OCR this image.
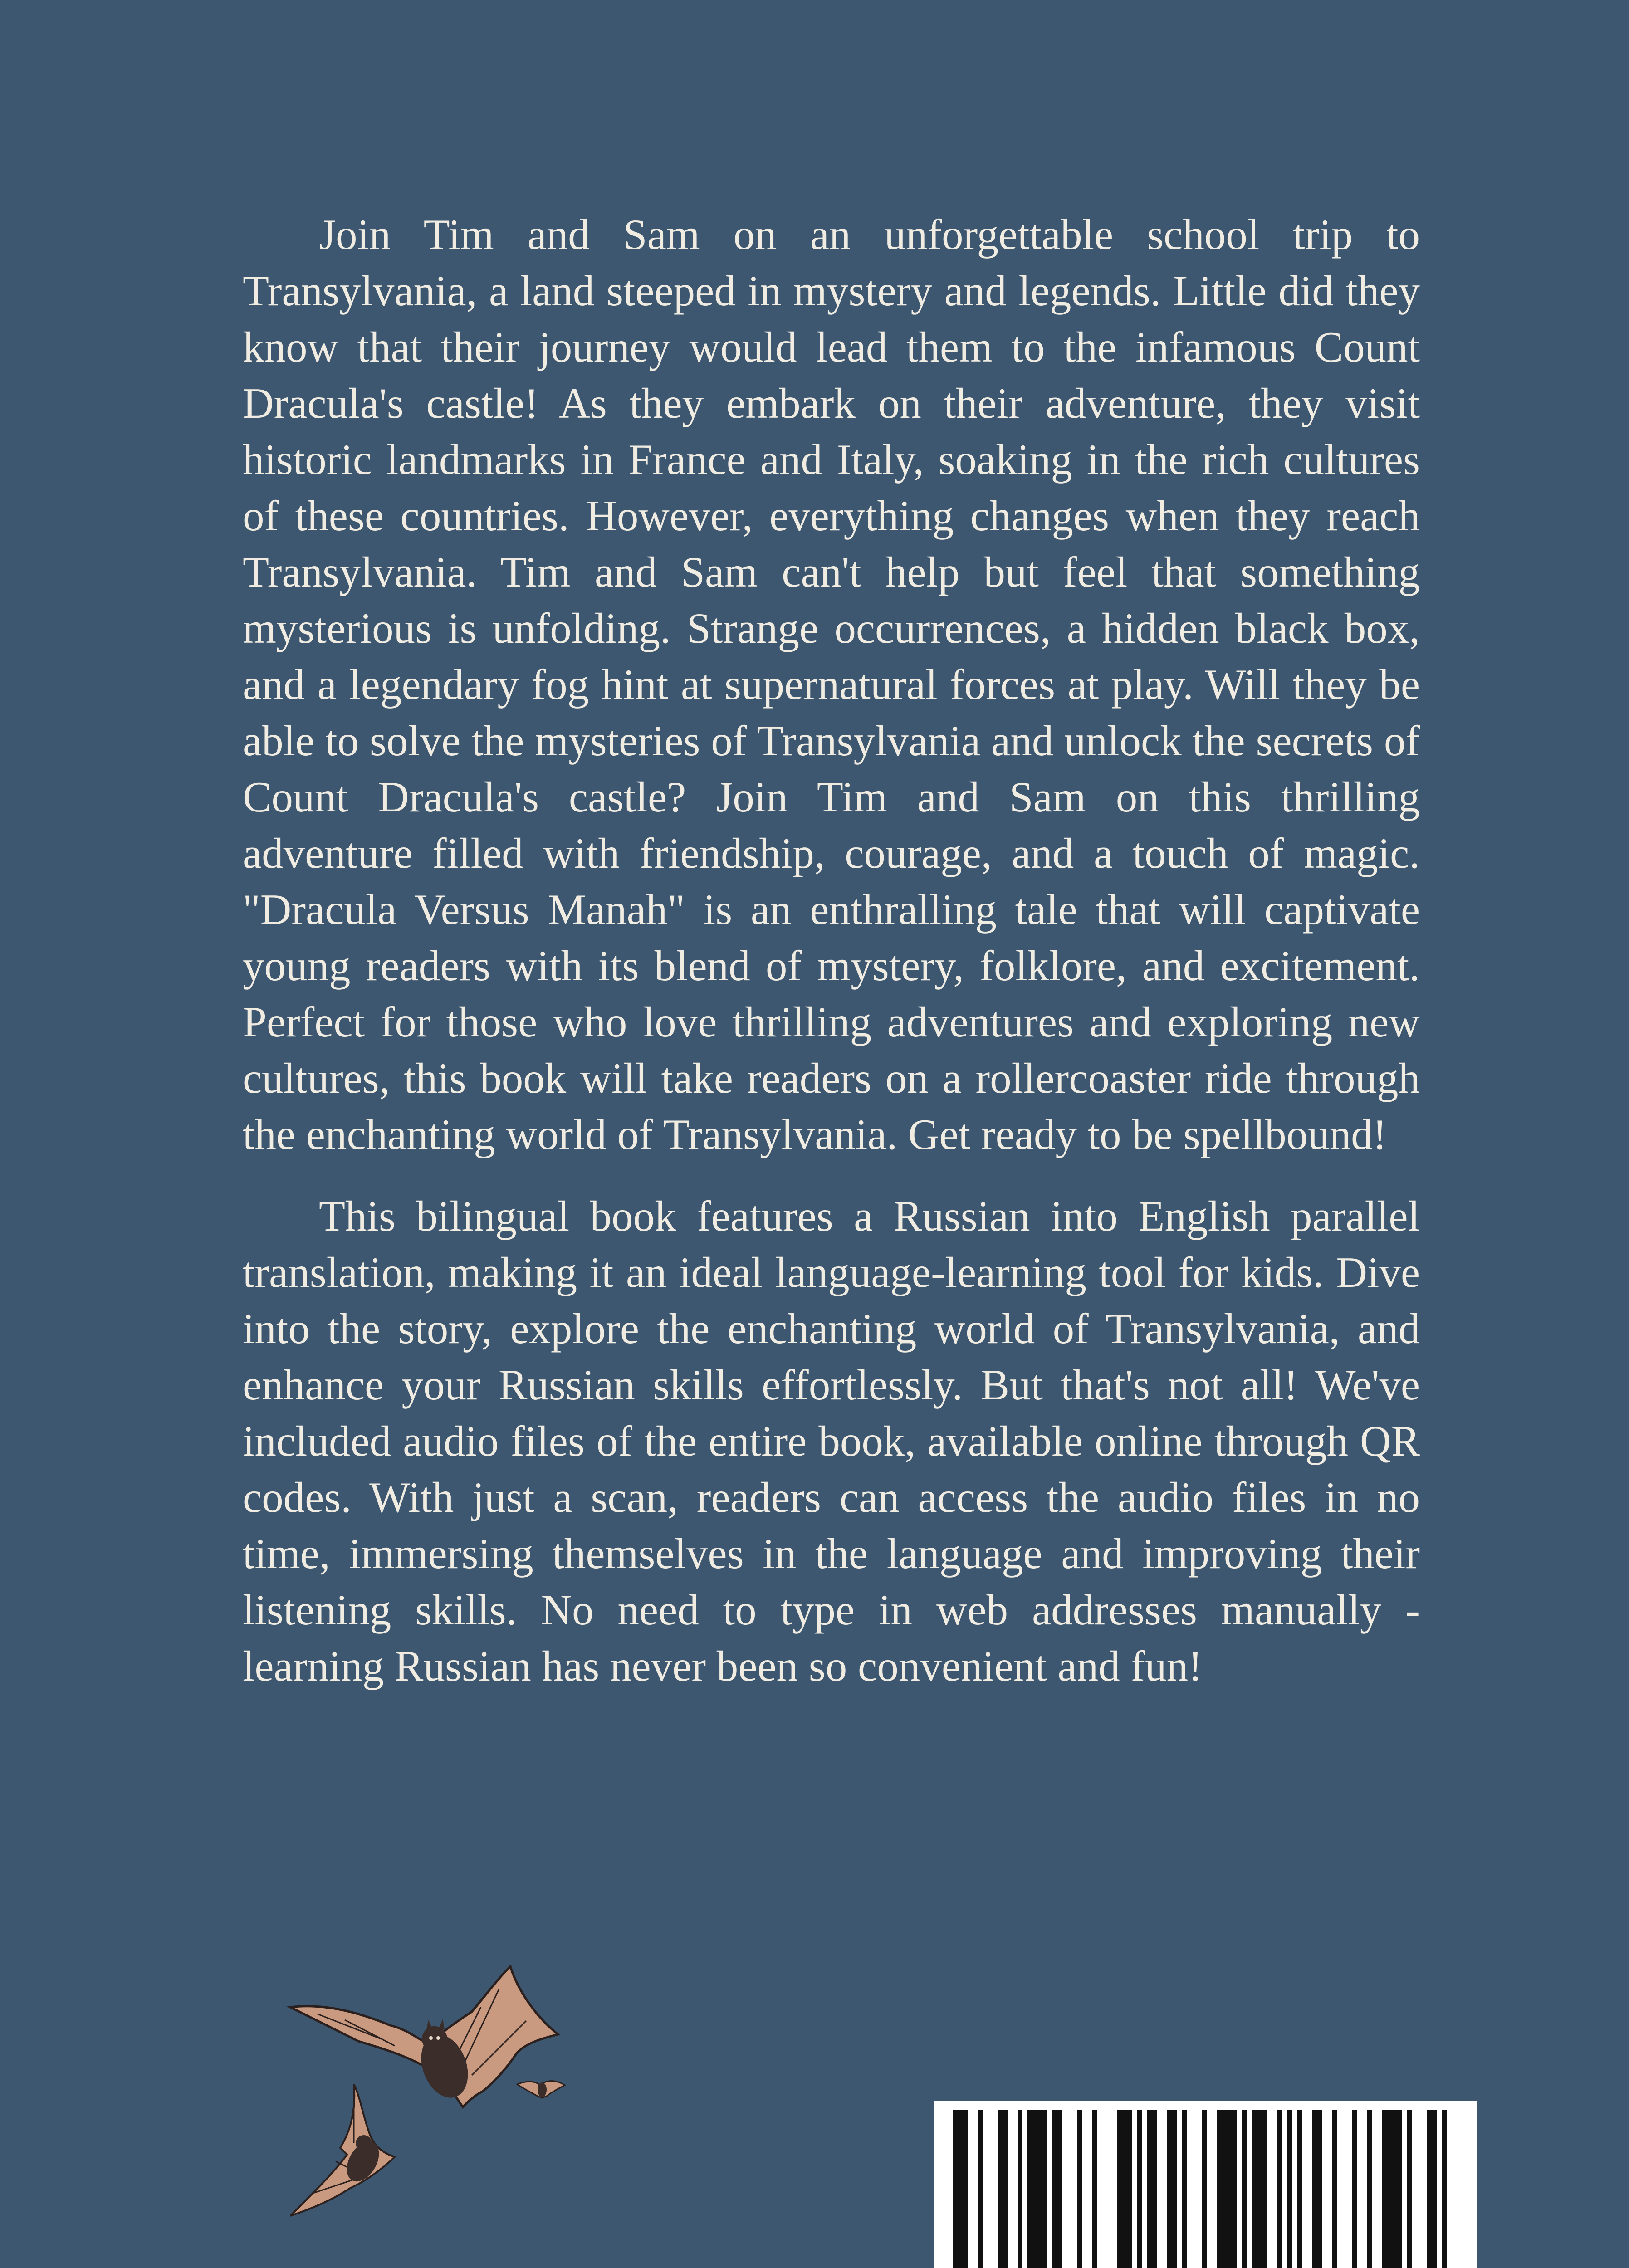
Join Tim and Sam on an unforgettable school trip to Transylvania, a land steeped in mystery and legends. Little did they know that their journey would lead them to the infamous Count Dracula's castle! As they embark on their adventure, they visit historic landmarks in France and Italy, soaking in the rich cultures of these countries. However, everything changes when they reach Transylvania. Tim and Sam can't help but feel that something mysterious is unfolding. Strange occurrences, a hidden black box, and a legendary fog hint at supernatural forces at play. Will they be able to solve the mysteries of Transylvania and unlock the secrets of Count Dracula's castle? Join Tim and Sam on this thrilling adventure filled with friendship, courage, and a touch of magic. "Dracula Versus Manah" is an enthralling tale that will captivate young readers with its blend of mystery, folklore, and excitement. Perfect for those who love thrilling adventures and exploring new cultures, this book will take readers on a rollercoaster ride through the enchanting world of Transylvania. Get ready to be spellbound!

This bilingual book features a Russian into English parallel translation, making it an ideal language-learning tool for kids. Dive into the story, explore the enchanting world of Transylvania, and enhance your Russian skills effortlessly. But that's not all! We've included audio files of the entire book, available online through QR codes. With just a scan, readers can access the audio files in no time, immersing themselves in the language and improving their listening skills. No need to type in web addresses manually - learning Russian has never been so convenient and fun!
